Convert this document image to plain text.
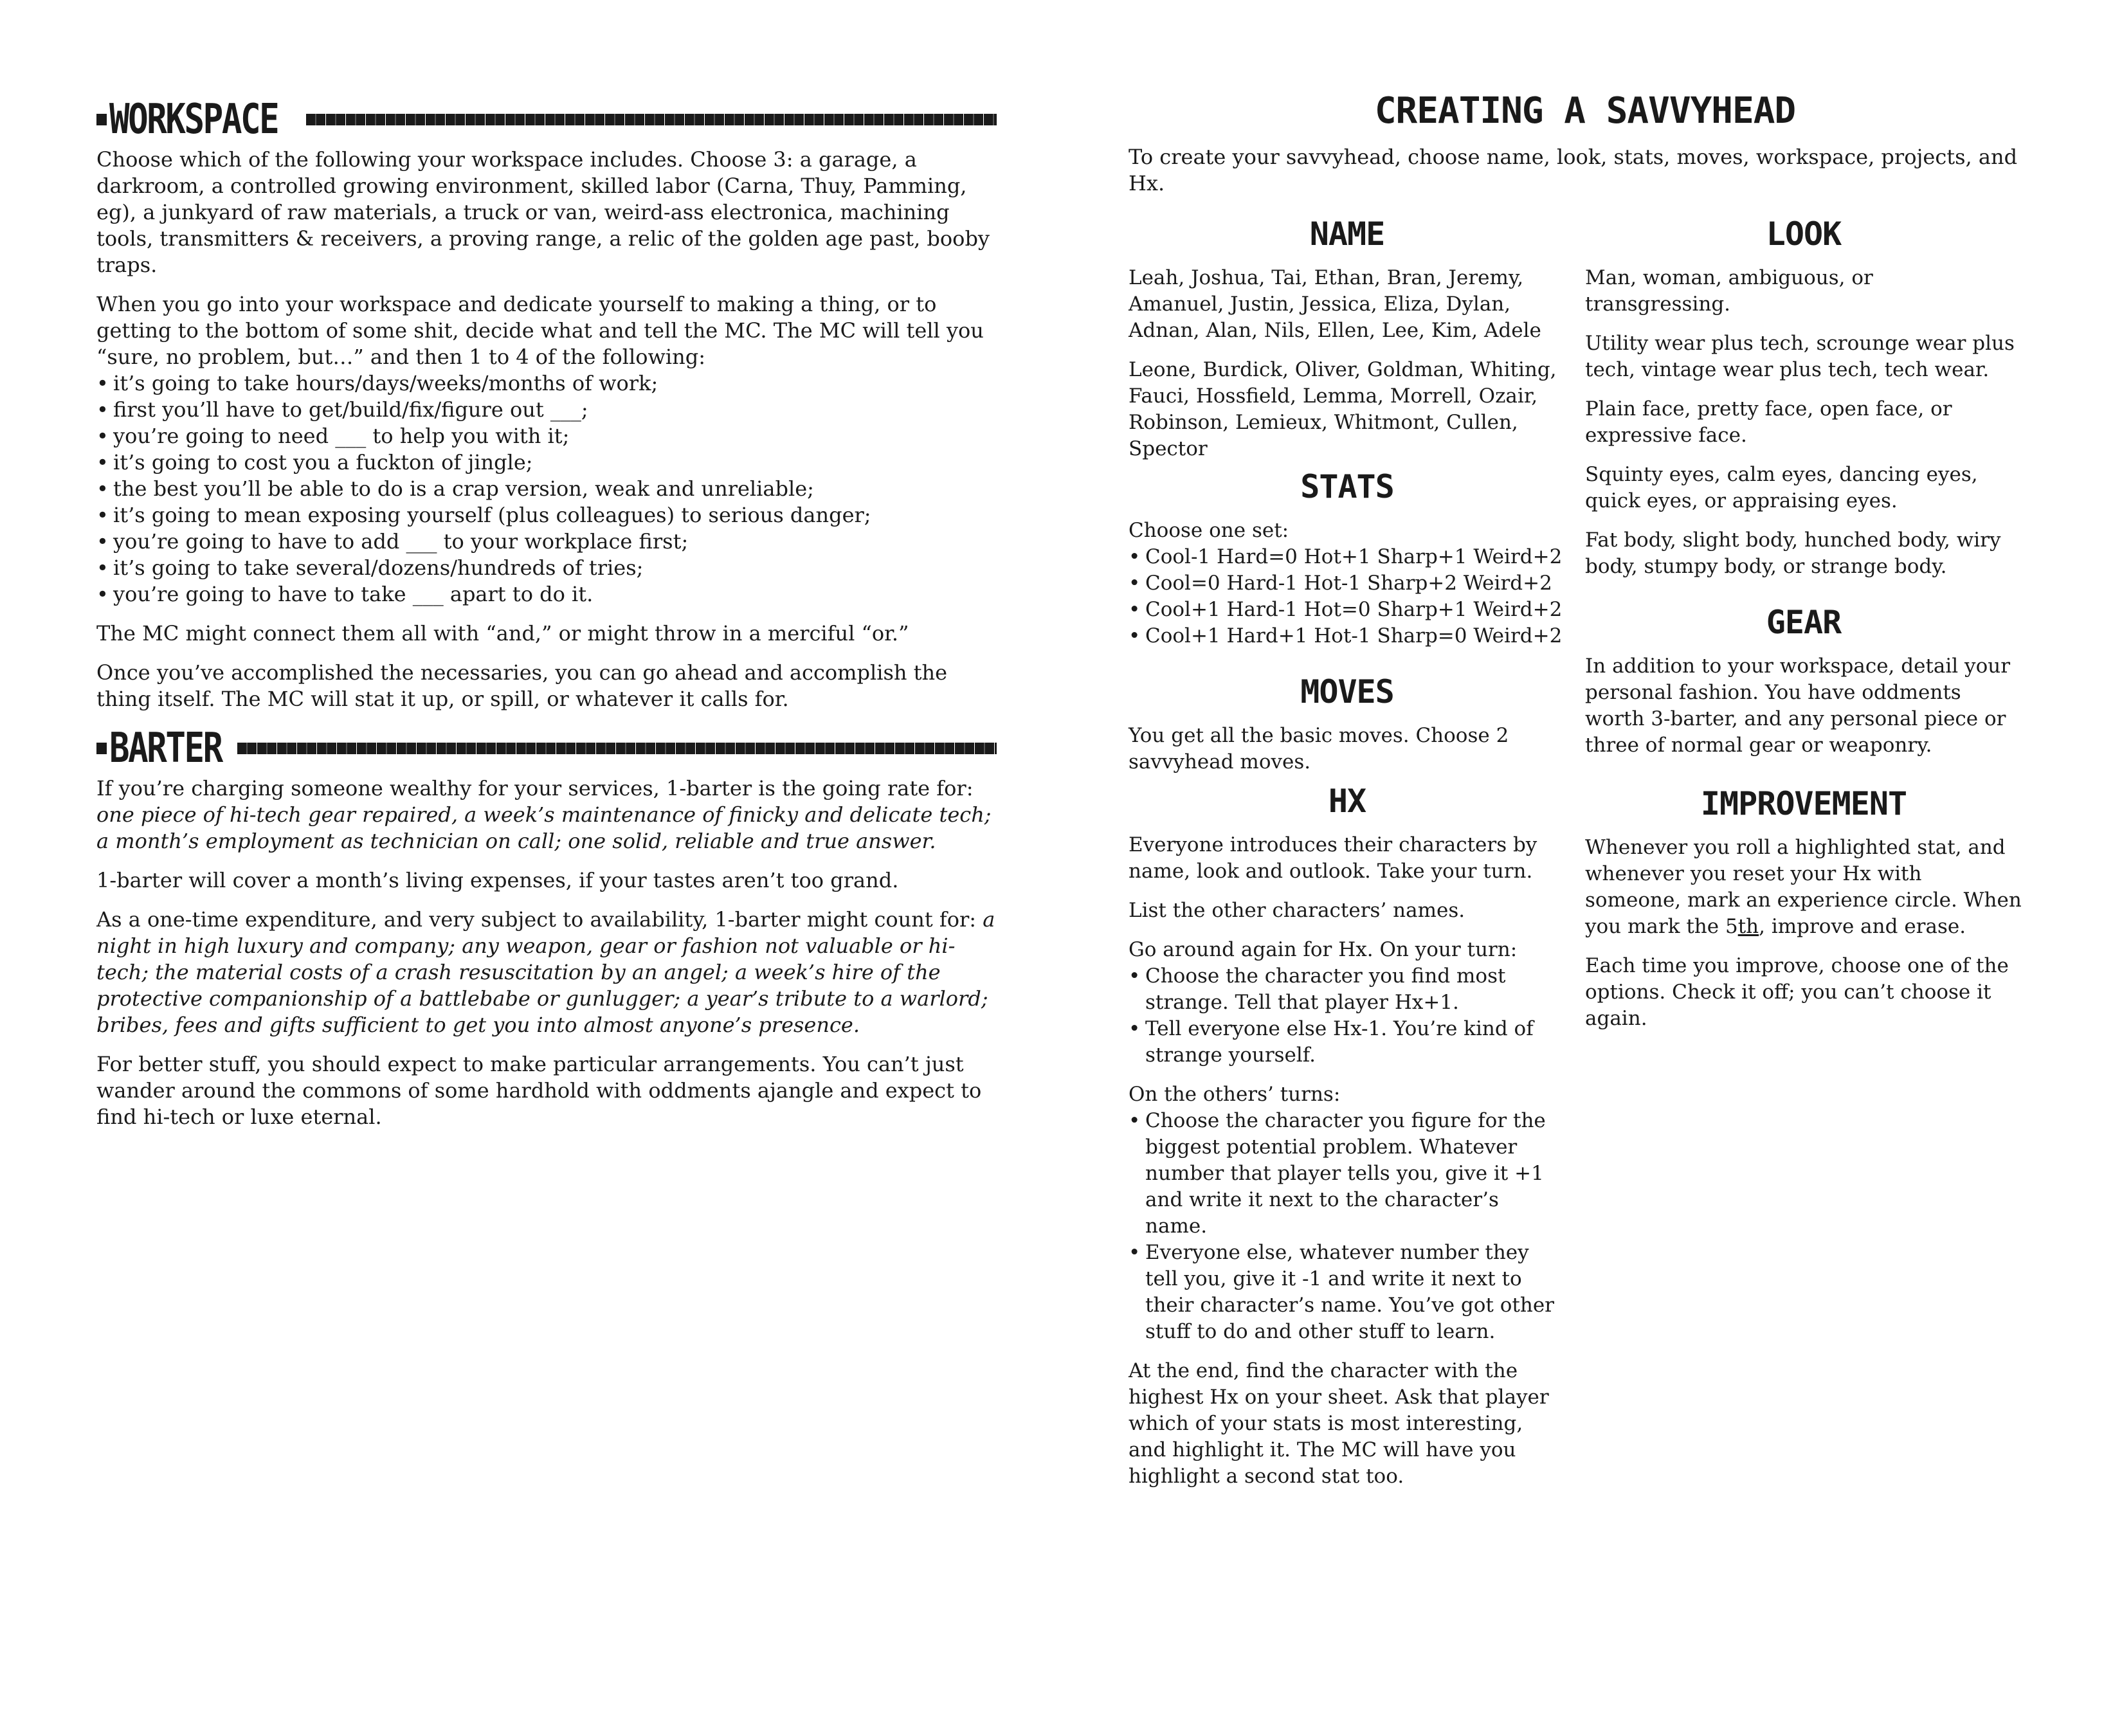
WORKSPACE

Choose which of the following your workspace includes. Choose 3: a garage, a darkroom, a controlled growing environment, skilled labor (Carna, Thuy, Pamming, eg), a junkyard of raw materials, a truck or van, weird-ass electronica, machining tools, transmitters & receivers, a proving range, a relic of the golden age past, booby traps.

When you go into your workspace and dedicate yourself to making a thing, or to getting to the bottom of some shit, decide what and tell the MC. The MC will tell you “sure, no problem, but…” and then 1 to 4 of the following:

• it’s going to take hours/days/weeks/months of work;
• first you’ll have to get/build/fix/figure out ___;
• you’re going to need ___ to help you with it;
• it’s going to cost you a fuckton of jingle;
• the best you’ll be able to do is a crap version, weak and unreliable;
• it’s going to mean exposing yourself (plus colleagues) to serious danger;
• you’re going to have to add ___ to your workplace first;
• it’s going to take several/dozens/hundreds of tries;
• you’re going to have to take ___ apart to do it.

The MC might connect them all with “and,” or might throw in a merciful “or.”

Once you’ve accomplished the necessaries, you can go ahead and accomplish the thing itself. The MC will stat it up, or spill, or whatever it calls for.

BARTER

If you’re charging someone wealthy for your services, 1-barter is the going rate for: one piece of hi-tech gear repaired, a week’s maintenance of finicky and delicate tech; a month’s employment as technician on call; one solid, reliable and true answer.

1-barter will cover a month’s living expenses, if your tastes aren’t too grand.

As a one-time expenditure, and very subject to availability, 1-barter might count for: a night in high luxury and company; any weapon, gear or fashion not valuable or hi-tech; the material costs of a crash resuscitation by an angel; a week’s hire of the protective companionship of a battlebabe or gunlugger; a year’s tribute to a warlord; bribes, fees and gifts sufficient to get you into almost anyone’s presence.

For better stuff, you should expect to make particular arrangements. You can’t just wander around the commons of some hardhold with oddments ajangle and expect to find hi-tech or luxe eternal.

CREATING A SAVVYHEAD

To create your savvyhead, choose name, look, stats, moves, workspace, projects, and Hx.

NAME

Leah, Joshua, Tai, Ethan, Bran, Jeremy, Amanuel, Justin, Jessica, Eliza, Dylan, Adnan, Alan, Nils, Ellen, Lee, Kim, Adele

Leone, Burdick, Oliver, Goldman, Whiting, Fauci, Hossfield, Lemma, Morrell, Ozair, Robinson, Lemieux, Whitmont, Cullen, Spector

STATS

Choose one set:

• Cool-1 Hard=0 Hot+1 Sharp+1 Weird+2
• Cool=0 Hard-1 Hot-1 Sharp+2 Weird+2
• Cool+1 Hard-1 Hot=0 Sharp+1 Weird+2
• Cool+1 Hard+1 Hot-1 Sharp=0 Weird+2
MOVES

You get all the basic moves. Choose 2 savvyhead moves.

HX

Everyone introduces their characters by name, look and outlook. Take your turn.

List the other characters’ names.

Go around again for Hx. On your turn:

• Choose the character you find most strange. Tell that player Hx+1.
• Tell everyone else Hx-1. You’re kind of strange yourself.

On the others’ turns:

• Choose the character you figure for the biggest potential problem. Whatever number that player tells you, give it +1 and write it next to the character’s name.
• Everyone else, whatever number they tell you, give it -1 and write it next to their character’s name. You’ve got other stuff to do and other stuff to learn.

At the end, find the character with the highest Hx on your sheet. Ask that player which of your stats is most interesting, and highlight it. The MC will have you highlight a second stat too.

LOOK

Man, woman, ambiguous, or transgressing.

Utility wear plus tech, scrounge wear plus tech, vintage wear plus tech, tech wear.

Plain face, pretty face, open face, or expressive face.

Squinty eyes, calm eyes, dancing eyes, quick eyes, or appraising eyes.

Fat body, slight body, hunched body, wiry body, stumpy body, or strange body.

GEAR

In addition to your workspace, detail your personal fashion. You have oddments worth 3-barter, and any personal piece or three of normal gear or weaponry.

IMPROVEMENT

Whenever you roll a highlighted stat, and whenever you reset your Hx with someone, mark an experience circle. When you mark the 5th, improve and erase.

Each time you improve, choose one of the options. Check it off; you can’t choose it again.
